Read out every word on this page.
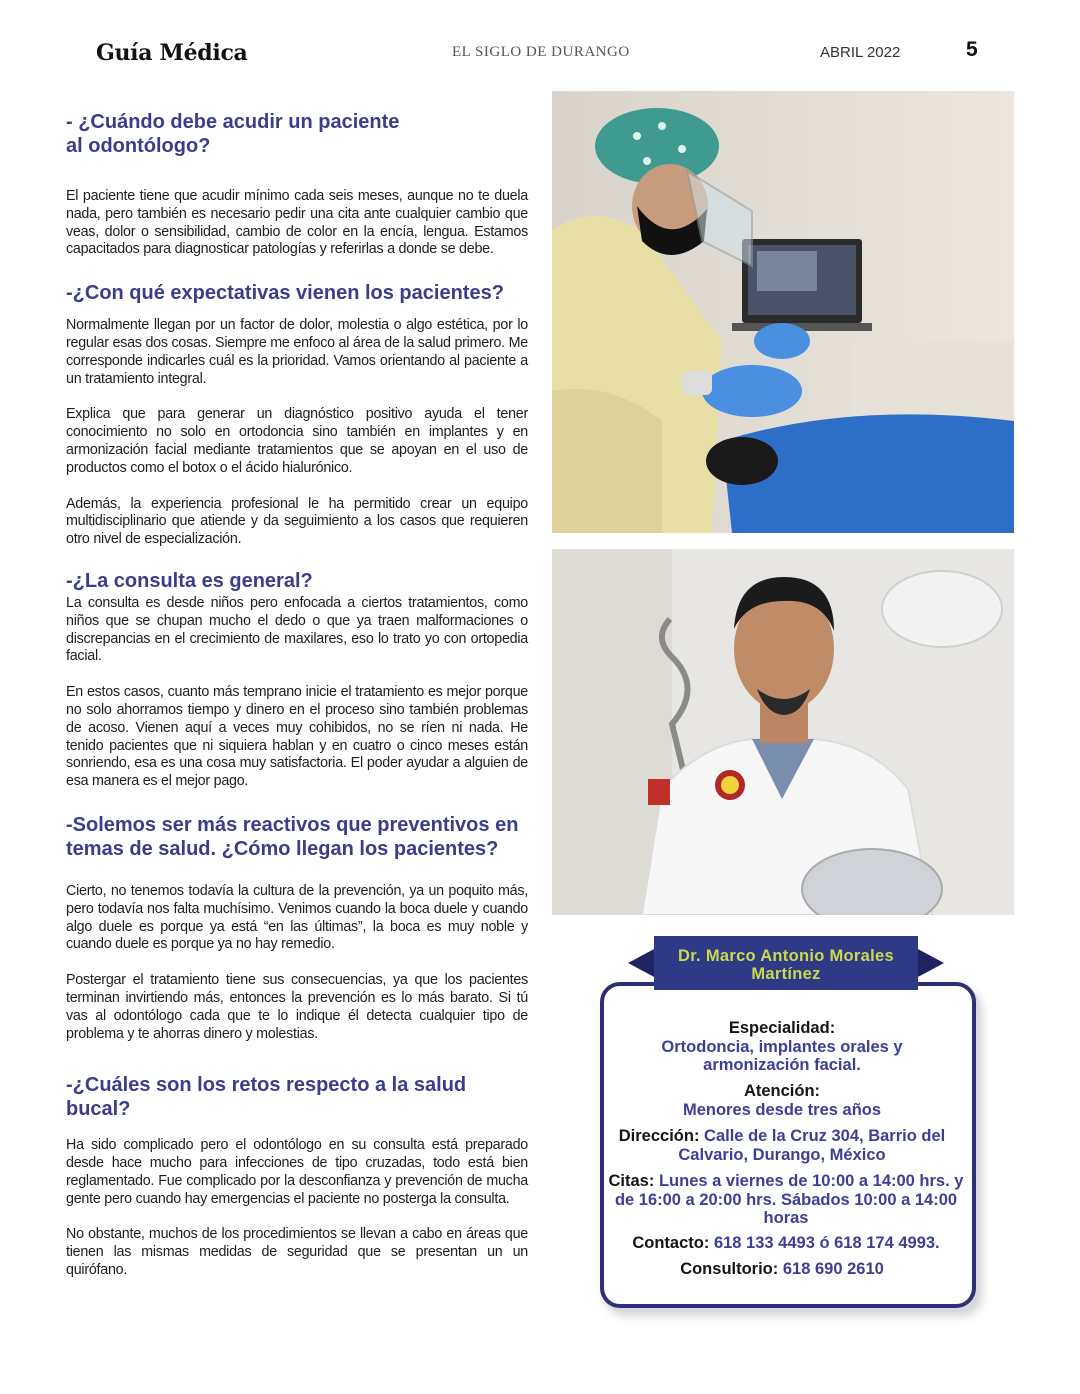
Guía Médica	EL SIGLO DE DURANGO	ABRIL 2022	5
- ¿Cuándo debe acudir un paciente al odontólogo?
El paciente tiene que acudir mínimo cada seis meses, aunque no te duela nada, pero también es necesario pedir una cita ante cualquier cambio que veas, dolor o sensibilidad, cambio de color en la encía, lengua. Estamos capacitados para diagnosticar patologías y referirlas a donde se debe.
-¿Con qué expectativas vienen los pacientes?
Normalmente llegan por un factor de dolor, molestia o algo estética, por lo regular esas dos cosas. Siempre me enfoco al área de la salud primero. Me corresponde indicarles cuál es la prioridad. Vamos orientando al paciente a un tratamiento integral.
Explica que para generar un diagnóstico positivo ayuda el tener conocimiento no solo en ortodoncia sino también en implantes y en armonización facial mediante tratamientos que se apoyan en el uso de productos como el botox o el ácido hialurónico.
Además, la experiencia profesional le ha permitido crear un equipo multidisciplinario que atiende y da seguimiento a los casos que requieren otro nivel de especialización.
-¿La consulta es general?
La consulta es desde niños pero enfocada a ciertos tratamientos, como niños que se chupan mucho el dedo o que ya traen malformaciones o discrepancias en el crecimiento de maxilares, eso lo trato yo con ortopedia facial.
En estos casos, cuanto más temprano inicie el tratamiento es mejor porque no solo ahorramos tiempo y dinero en el proceso sino también problemas de acoso. Vienen aquí a veces muy cohibidos, no se ríen ni nada. He tenido pacientes que ni siquiera hablan y en cuatro o cinco meses están sonriendo, esa es una cosa muy satisfactoria. El poder ayudar a alguien de esa manera es el mejor pago.
-Solemos ser más reactivos que preventivos en temas de salud. ¿Cómo llegan los pacientes?
Cierto, no tenemos todavía la cultura de la prevención, ya un poquito más, pero todavía nos falta muchísimo. Venimos cuando la boca duele y cuando algo duele es porque ya está “en las últimas”, la boca es muy noble y cuando duele es porque ya no hay remedio.
Postergar el tratamiento tiene sus consecuencias, ya que los pacientes terminan invirtiendo más, entonces la prevención es lo más barato. Si tú vas al odontólogo cada que te lo indique él detecta cualquier tipo de problema y te ahorras dinero y molestias.
-¿Cuáles son los retos respecto a la salud bucal?
Ha sido complicado pero el odontólogo en su consulta está preparado desde hace mucho para infecciones de tipo cruzadas, todo está bien reglamentado. Fue complicado por la desconfianza y prevención de mucha gente pero cuando hay emergencias el paciente no posterga la consulta.
No obstante, muchos de los procedimientos se llevan a cabo en áreas que tienen las mismas medidas de seguridad que se presentan un un quirófano.
Dr. Marco Antonio Morales Martínez
Especialidad:
Ortodoncia, implantes orales y armonización facial.
Atención:
Menores desde tres años
Dirección: Calle de la Cruz 304, Barrio del Calvario, Durango, México
Citas: Lunes a viernes de 10:00 a 14:00 hrs. y de 16:00 a 20:00 hrs. Sábados 10:00 a 14:00 horas
Contacto: 618 133 4493 ó 618 174 4993.
Consultorio: 618 690 2610
